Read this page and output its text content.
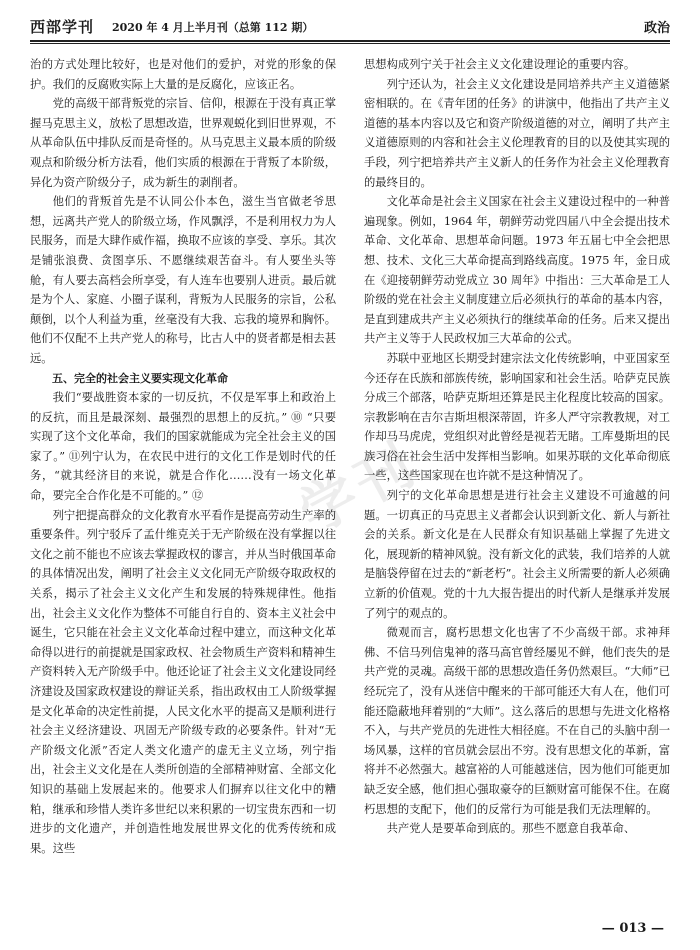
西部学刊 2020 年 4 月上半月刊（总第 112 期）	政治

治的方式处理比较好，也是对他们的爱护，对党的形象的保护。我们的反腐败实际上大量的是反腐化，应该正名。

党的高级干部背叛党的宗旨、信仰，根源在于没有真正掌握马克思主义，放松了思想改造，世界观蜕化到旧世界观，不从革命队伍中排队反而是奇怪的。从马克思主义最本质的阶级观点和阶级分析方法看，他们实质的根源在于背叛了本阶级，异化为资产阶级分子，成为新生的剥削者。

他们的背叛首先是不认同公仆本色，滋生当官做老爷思想，远离共产党人的阶级立场，作风飘浮，不是利用权力为人民服务，而是大肆作威作福，换取不应该的享受、享乐。其次是铺张浪费、贪图享乐、不愿继续艰苦奋斗。有人要坐头等舱，有人要去高档会所享受，有人连车也要别人进贡。最后就是为个人、家庭、小圈子谋利，背叛为人民服务的宗旨，公私颠倒，以个人利益为重，丝毫没有大我、忘我的境界和胸怀。他们不仅配不上共产党人的称号，比古人中的贤者都是相去甚远。

五、完全的社会主义要实现文化革命

我们“要战胜资本家的一切反抗，不仅是军事上和政治上的反抗，而且是最深刻、最强烈的思想上的反抗。” ⑩ “只要实现了这个文化革命，我们的国家就能成为完全社会主义的国家了。” ⑪列宁认为，在农民中进行的文化工作是划时代的任务，“就其经济目的来说，就是合作化……没有一场文化革命，要完全合作化是不可能的。” ⑫

列宁把提高群众的文化教育水平看作是提高劳动生产率的重要条件。列宁驳斥了孟什维克关于无产阶级在没有掌握以往文化之前不能也不应该去掌握政权的谬言，并从当时俄国革命的具体情况出发，阐明了社会主义文化同无产阶级夺取政权的关系，揭示了社会主义文化产生和发展的特殊规律性。他指出，社会主义文化作为整体不可能自行自的、资本主义社会中诞生，它只能在社会主义文化革命过程中建立，而这种文化革命得以进行的前提就是国家政权、社会物质生产资料和精神生产资料转入无产阶级手中。他还论证了社会主义文化建设同经济建设及国家政权建设的辩证关系，指出政权由工人阶级掌握是文化革命的决定性前提，人民文化水平的提高又是顺利进行社会主义经济建设、巩固无产阶级专政的必要条件。针对“无产阶级文化派”否定人类文化遗产的虚无主义立场，列宁指出，社会主义文化是在人类所创造的全部精神财富、全部文化知识的基础上发展起来的。他要求人们摒弃以往文化中的糟粕，继承和珍惜人类许多世纪以来积累的一切宝贵东西和一切进步的文化遗产，并创造性地发展世界文化的优秀传统和成果。这些

思想构成列宁关于社会主义文化建设理论的重要内容。

列宁还认为，社会主义文化建设是同培养共产主义道德紧密相联的。在《青年团的任务》的讲演中，他指出了共产主义道德的基本内容以及它和资产阶级道德的对立，阐明了共产主义道德原则的内容和社会主义伦理教育的目的以及使其实现的手段，列宁把培养共产主义新人的任务作为社会主义伦理教育的最终目的。

文化革命是社会主义国家在社会主义建设过程中的一种普遍现象。例如，1964 年，朝鲜劳动党四届八中全会提出技术革命、文化革命、思想革命问题。1973 年五届七中全会把思想、技术、文化三大革命提高到路线高度。1975 年，金日成在《迎接朝鲜劳动党成立 30 周年》中指出：三大革命是工人阶级的党在社会主义制度建立后必须执行的革命的基本内容，是直到建成共产主义必须执行的继续革命的任务。后来又提出共产主义等于人民政权加三大革命的公式。

苏联中亚地区长期受封建宗法文化传统影响，中亚国家至今还存在氏族和部族传统，影响国家和社会生活。哈萨克民族分成三个部落，哈萨克斯坦还算是民主化程度比较高的国家。宗教影响在吉尔吉斯坦根深蒂固，许多人严守宗教教规，对工作却马马虎虎，党组织对此曾经是视若无睹。工库曼斯坦的民族习俗在社会生活中发挥相当影响。如果苏联的文化革命彻底一些，这些国家现在也许就不是这种情况了。

列宁的文化革命思想是进行社会主义建设不可逾越的问题。一切真正的马克思主义者都会认识到新文化、新人与新社会的关系。新文化是在人民群众有知识基础上掌握了先进文化，展现新的精神风貌。没有新文化的武装，我们培养的人就是脑袋停留在过去的“新老朽”。社会主义所需要的新人必须确立新的价值观。党的十九大报告提出的时代新人是继承并发展了列宁的观点的。

微观而言，腐朽思想文化也害了不少高级干部。求神拜佛、不信马列信鬼神的落马高官曾经屡见不鲜，他们丧失的是共产党的灵魂。高级干部的思想改造任务仍然艰巨。“大师”已经玩完了，没有从迷信中醒来的干部可能还大有人在，他们可能还隐蔽地拜着别的“大师”。这么落后的思想与先进文化格格不入，与共产党员的先进性大相径庭。不在自己的头脑中刮一场风暴，这样的官员就会层出不穷。没有思想文化的革新，富将并不必然强大。越富裕的人可能越迷信，因为他们可能更加缺乏安全感，他们担心强取豪夺的巨额财富可能保不住。在腐朽思想的支配下，他们的反常行为可能是我们无法理解的。

共产党人是要革命到底的。那些不愿意自我革命、

学刊
— 013 —
